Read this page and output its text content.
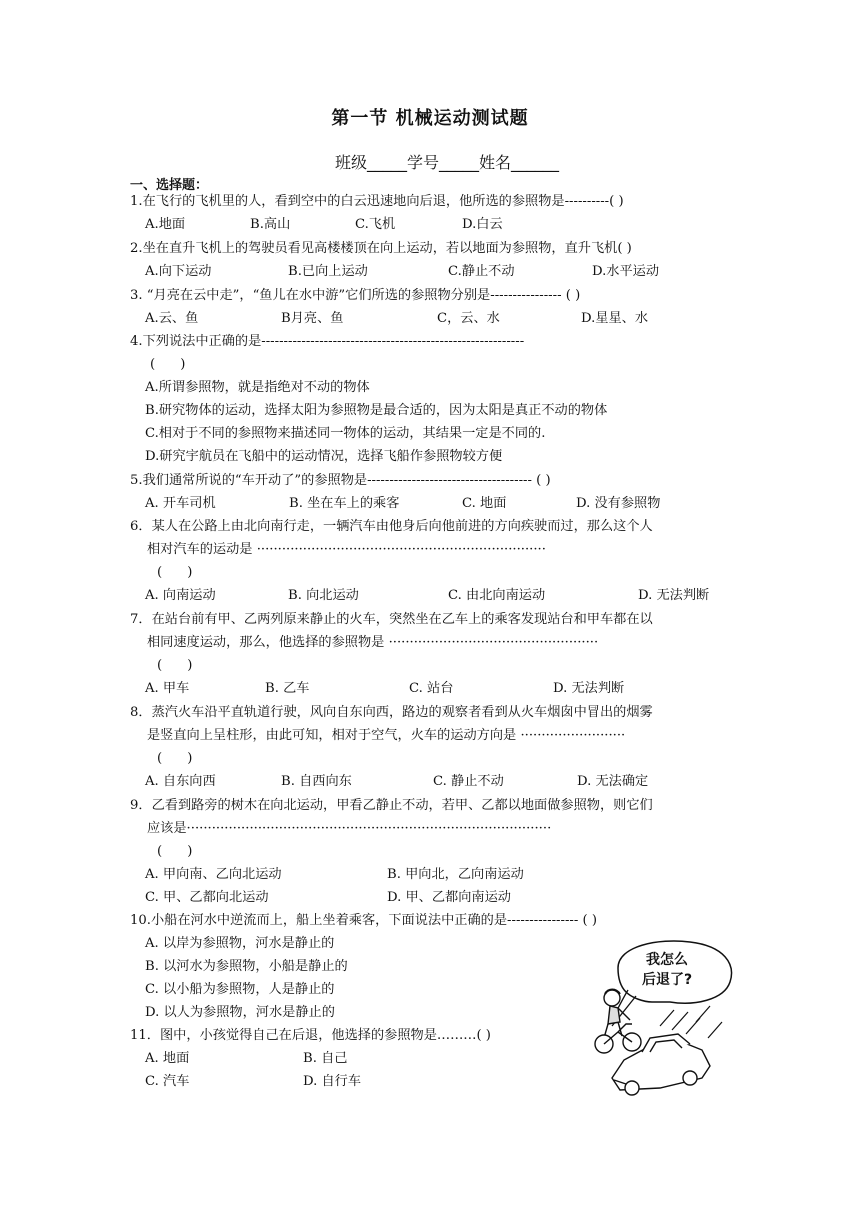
第一节 机械运动测试题
班级_____学号_____姓名______
一、选择题：
1.在飞行的飞机里的人，看到空中的白云迅速地向后退，他所选的参照物是----------( )
A.地面	B.高山	C.飞机	D.白云
2.坐在直升飞机上的驾驶员看见高楼楼顶在向上运动，若以地面为参照物，直升飞机( )
A.向下运动	B.已向上运动	C.静止不动	D.水平运动
3. “月亮在云中走”，“鱼儿在水中游”它们所选的参照物分别是---------------- ( )
A.云、鱼	B月亮、鱼	C，云、水	D.星星、水
4.下列说法中正确的是-----------------------------------------------------------
(      )
A.所谓参照物，就是指绝对不动的物体
B.研究物体的运动，选择太阳为参照物是最合适的，因为太阳是真正不动的物体
C.相对于不同的参照物来描述同一物体的运动，其结果一定是不同的.
D.研究宇航员在飞船中的运动情况，选择飞船作参照物较方便
5.我们通常所说的“车开动了”的参照物是------------------------------------- ( )
A. 开车司机	B. 坐在车上的乘客	C. 地面	D. 没有参照物
6．某人在公路上由北向南行走，一辆汽车由他身后向他前进的方向疾驶而过，那么这个人
相对汽车的运动是 ·····································································
(      )
A. 向南运动	B. 向北运动	C. 由北向南运动	D. 无法判断
7．在站台前有甲、乙两列原来静止的火车，突然坐在乙车上的乘客发现站台和甲车都在以
相同速度运动，那么，他选择的参照物是 ··················································
(      )
A. 甲车	B. 乙车	C. 站台	D. 无法判断
8．蒸汽火车沿平直轨道行驶，风向自东向西，路边的观察者看到从火车烟囱中冒出的烟雾
是竖直向上呈柱形，由此可知，相对于空气，火车的运动方向是 ·························
(      )
A. 自东向西	B. 自西向东	C. 静止不动	D. 无法确定
9．乙看到路旁的树木在向北运动，甲看乙静止不动，若甲、乙都以地面做参照物，则它们
应该是·······················································································
(      )
A. 甲向南、乙向北运动	B. 甲向北，乙向南运动
C. 甲、乙都向北运动	D. 甲、乙都向南运动
10.小船在河水中逆流而上，船上坐着乘客，下面说法中正确的是---------------- ( )
A. 以岸为参照物，河水是静止的
B. 以河水为参照物，小船是静止的
C. 以小船为参照物，人是静止的
D. 以人为参照物，河水是静止的
11．图中，小孩觉得自己在后退，他选择的参照物是………( )
A. 地面	B. 自己
C. 汽车	D. 自行车
我怎么
后退了?
